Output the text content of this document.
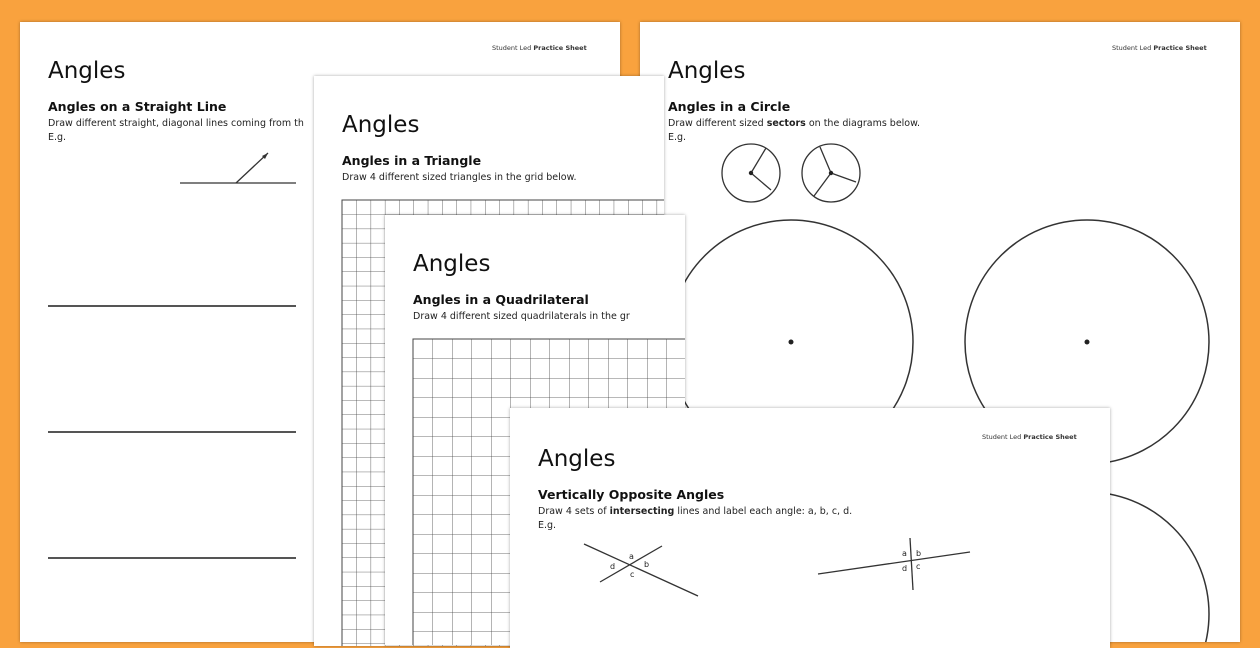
Student Led Practice Sheet
Angles
Angles on a Straight Line
Draw different straight, diagonal lines coming from th
E.g.
Student Led Practice Sheet
Angles
Angles in a Circle
Draw different sized sectors on the diagrams below.
E.g.
Angles
Angles in a Triangle
Draw 4 different sized triangles in the grid below.
Angles
Angles in a Quadrilateral
Draw 4 different sized quadrilaterals in the gr
Student Led Practice Sheet
Angles
Vertically Opposite Angles
Draw 4 sets of intersecting lines and label each angle: a, b, c, d.
E.g.
a
b
c
d
a b
c
d
